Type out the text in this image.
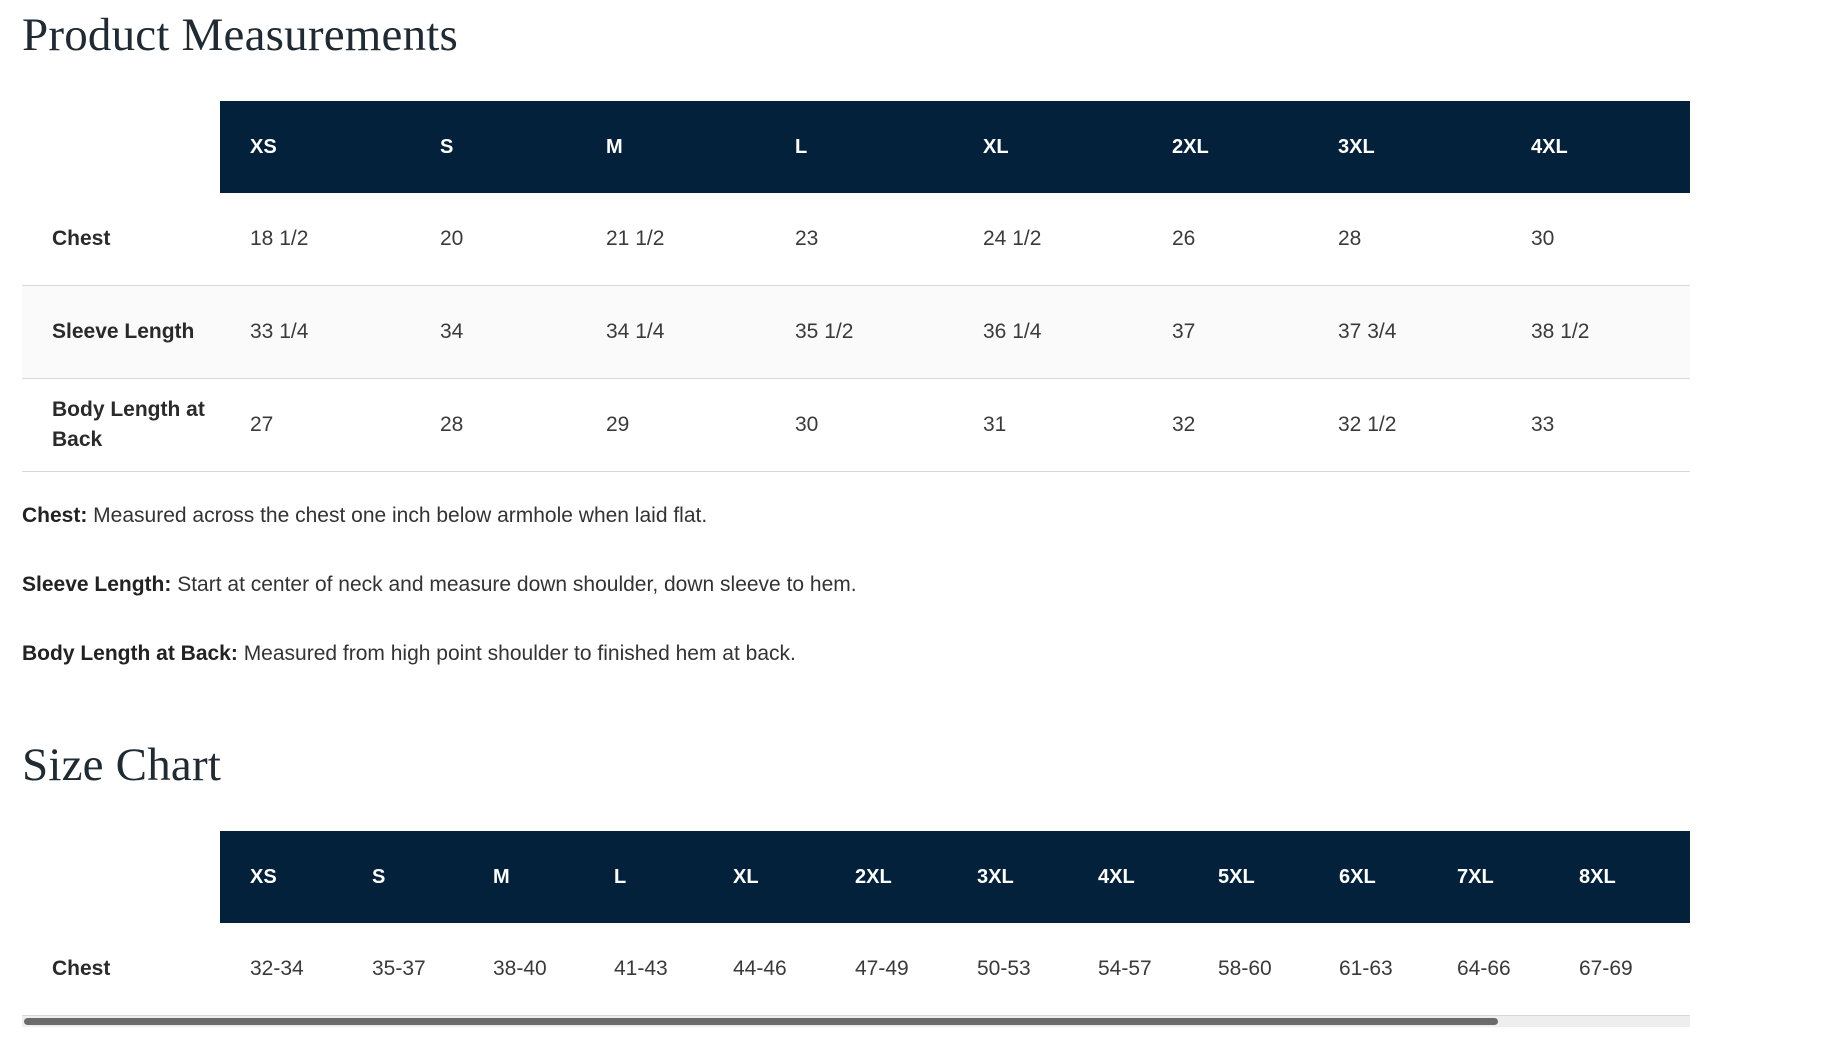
Product Measurements
	XS	S	M	L	XL	2XL	3XL	4XL
Chest	18 1/2	20	21 1/2	23	24 1/2	26	28	30
Sleeve Length	33 1/4	34	34 1/4	35 1/2	36 1/4	37	37 3/4	38 1/2
Body Length at Back	27	28	29	30	31	32	32 1/2	33

Chest: Measured across the chest one inch below armhole when laid flat.

Sleeve Length: Start at center of neck and measure down shoulder, down sleeve to hem.

Body Length at Back: Measured from high point shoulder to finished hem at back.

Size Chart
	XS	S	M	L	XL	2XL	3XL	4XL	5XL	6XL	7XL	8XL
Chest	32-34	35-37	38-40	41-43	44-46	47-49	50-53	54-57	58-60	61-63	64-66	67-69
